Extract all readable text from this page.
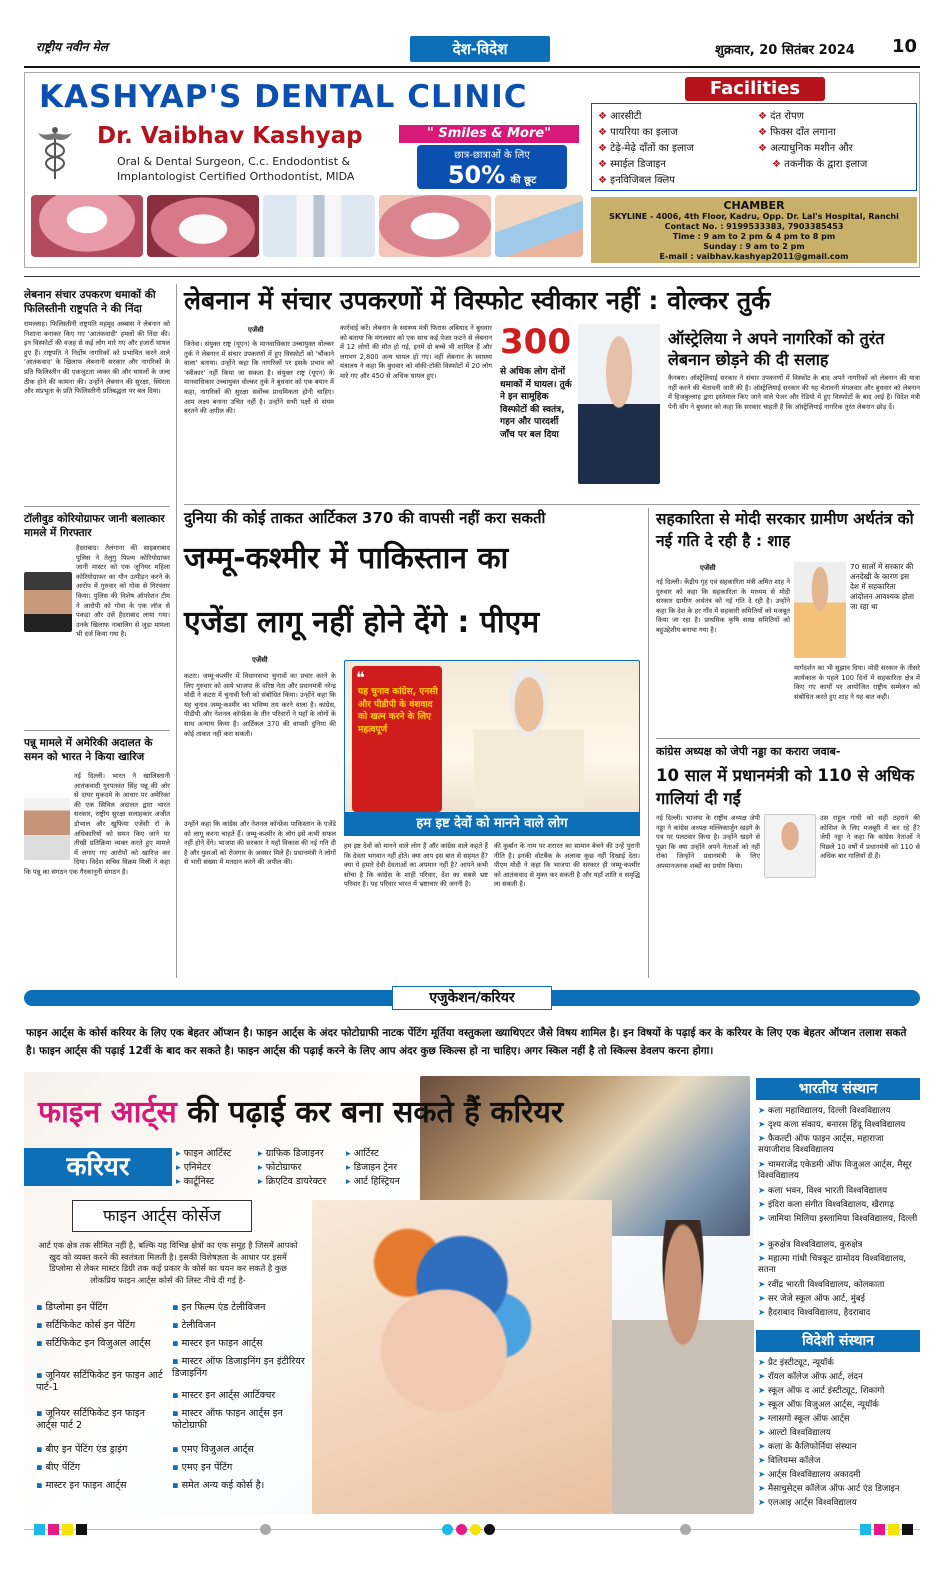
राष्ट्रीय नवीन मेल	देश-विदेश	शुक्रवार, 20 सितंबर 2024 10
KASHYAP'S DENTAL CLINIC
Dr. Vaibhav Kashyap	" Smiles & More"
Oral & Dental Surgeon, C.c. Endodontist &
Implantologist Certified Orthodontist, MIDA
छात्र-छात्राओं के लिए
50% की छूट
Facilities
❖ आरसीटी
❖ पायरिया का इलाज
❖ टेढ़े-मेढ़े दाँतों का इलाज
❖ स्माईल डिजाइन
❖ इनविजिबल क्लिप
❖ दंत रोपण
❖ फिक्स दाँत लगाना
❖ अत्याधुनिक मशीन और
❖ तकनीक के द्वारा इलाज
CHAMBER
SKYLINE - 4006, 4th Floor, Kadru, Opp. Dr. Lal's Hospital, Ranchi
Contact No. : 9199533383, 7903385453
Time : 9 am to 2 pm & 4 pm to 8 pm
Sunday : 9 am to 2 pm
E-mail : vaibhav.kashyap2011@gmail.com
लेबनान संचार उपकरण धमाकों की फिलिस्तीनी राष्ट्रपति ने की निंदा
रामल्लाह। फिलिस्तीनी राष्ट्रपति महमूद अब्बास ने लेबनान को निशाना बनाकर किए गए 'आतंकवादी' हमलों की निंदा की। इन विस्फोटों की वजह से कई लोग मारे गए और हजारों घायल हुए हैं। राष्ट्रपति ने निर्दोष नागरिकों को प्रभावित करने वाले 'आतंकवाद' के खिलाफ लेबनानी सरकार और नागरिकों के प्रति फिलिस्तीन की एकजुटता व्यक्त की और घायलों के जल्द ठीक होने की कामना की। उन्होंने लेबनान की सुरक्षा, स्थिरता और संप्रभुता के प्रति फिलिस्तीनी प्रतिबद्धता पर बल दिया।
टॉलीवुड कोरियोग्राफर जानी बलात्कार मामले में गिरफ्तार
हैदराबाद। तेलंगाना की साइबराबाद पुलिस ने तेलुगु फिल्म कोरियोग्राफर जानी मास्टर को एक जूनियर महिला कोरियोग्राफर का यौन उत्पीड़न करने के आरोप में गुरुवार को गोवा से गिरफ्तार किया। पुलिस की विशेष ऑपरेशन टीम ने आरोपी को गोवा के एक लॉज से पकड़ा और उसे हैदराबाद लाया गया। उनके खिलाफ नाबालिग से जुड़ा मामला भी दर्ज किया गया है।
पन्नू मामले में अमेरिकी अदालत के समन को भारत ने किया खारिज
नई दिल्ली। भारत ने खालिस्तानी आतंकवादी गुरपतवंत सिंह पन्नू की ओर से दायर मुकदमे के आधार पर अमेरिका की एक सिविल अदालत द्वारा भारत सरकार, राष्ट्रीय सुरक्षा सलाहकार अजीत डोभाल और खुफिया एजेंसी रॉ के अधिकारियों को समन किए जाने पर तीखी प्रतिक्रिया व्यक्त करते हुए मामले में लगाए गए आरोपों को खारिज कर दिया। विदेश सचिव विक्रम मिस्री ने कहा कि पन्नू का संगठन एक गैरकानूनी संगठन है।
लेबनान में संचार उपकरणों में विस्फोट स्वीकार नहीं : वोल्कर तुर्क
एजेंसी
जिनेवा। संयुक्त राष्ट्र (यूएन) के मानवाधिकार उच्चायुक्त वोल्कर तुर्क ने लेबनान में संचार उपकरणों में हुए विस्फोटों को 'चौंकाने वाला' बताया। उन्होंने कहा कि नागरिकों पर इसके प्रभाव को 'स्वीकार' नहीं किया जा सकता है। संयुक्त राष्ट्र (यूएन) के मानवाधिकार उच्चायुक्त वोल्कर तुर्क ने बुधवार को एक बयान में कहा, नागरिकों की सुरक्षा सर्वोच्च प्राथमिकता होनी चाहिए। आम लक्ष्य बनाना उचित नहीं है। उन्होंने सभी पक्षों से संयम बरतने की अपील की।
कार्रवाई करें। लेबनान के स्वास्थ्य मंत्री फिरास अबियाद ने बुधवार को बताया कि मंगलवार को एक साथ कई पेजर फटने से लेबनान में 12 लोगों की मौत हो गई, इनमें दो बच्चे भी शामिल हैं और लगभग 2,800 अन्य घायल हो गए। वहीं लेबनान के स्वास्थ्य मंत्रालय ने कहा कि बुधवार को वॉकी-टॉकी विस्फोटों में 20 लोग मारे गए और 450 से अधिक घायल हुए।
300
से अधिक लोग दोनों धमाकों में घायल। तुर्क ने इन सामूहिक विस्फोटों की स्वतंत्र, गहन और पारदर्शी जाँच पर बल दिया
ऑस्ट्रेलिया ने अपने नागरिकों को तुरंत लेबनान छोड़ने की दी सलाह
कैनबरा। ऑस्ट्रेलियाई सरकार ने संचार उपकरणों में विस्फोट के बाद अपने नागरिकों को लेबनान की यात्रा नहीं करने की चेतावनी जारी की है। ऑस्ट्रेलियाई सरकार की यह चेतावनी मंगलवार और बुधवार को लेबनान में हिजबुल्लाह द्वारा इस्तेमाल किए जाने वाले पेजर और रेडियो में हुए विस्फोटों के बाद आई है। विदेश मंत्री पेनी वोंग ने बुधवार को कहा कि सरकार चाहती है कि ऑस्ट्रेलियाई नागरिक तुरंत लेबनान छोड़ दें।
दुनिया की कोई ताकत आर्टिकल 370 की वापसी नहीं करा सकती
जम्मू-कश्मीर में पाकिस्तान का
एजेंडा लागू नहीं होने देंगे : पीएम
एजेंसी
कटरा। जम्मू-कश्मीर में विधानसभा चुनावों का प्रचार करने के लिए गुरुवार को आये भाजपा के वरिष्ठ नेता और प्रधानमंत्री नरेन्द्र मोदी ने कटरा में चुनावी रैली को संबोधित किया। उन्होंने कहा कि यह चुनाव जम्मू-कश्मीर का भविष्य तय करने वाला है। कांग्रेस, पीडीपी और नेशनल कॉन्फ्रेंस के तीन परिवारों ने यहाँ के लोगों के साथ अन्याय किया है। आर्टिकल 370 की वापसी दुनिया की कोई ताकत नहीं करा सकती।
उन्होंने कहा कि कांग्रेस और नेशनल कॉन्फ्रेंस पाकिस्तान के एजेंडे को लागू करना चाहते हैं। जम्मू-कश्मीर के लोग इसे कभी सफल नहीं होने देंगे। भाजपा की सरकार ने यहाँ विकास की नई गति दी है और युवाओं को रोजगार के अवसर मिले हैं। प्रधानमंत्री ने लोगों से भारी संख्या में मतदान करने की अपील की।
❝
यह चुनाव कांग्रेस, एनसी और पीडीपी के वंशवाद को खत्म करने के लिए महत्वपूर्ण
हम इष्ट देवों को मानने वाले लोग
हम इष्ट देवों को मानने वाले लोग हैं और कांग्रेस वाले कहते हैं कि देवता भगवान नहीं होते। क्या आप इस बात से सहमत हैं? क्या ये हमारे देवी देवताओं का अपमान नहीं है? आपने कभी सोचा है कि कांग्रेस के शाही परिवार, देश का सबसे भ्रष्ट परिवार है। यह परिवार भारत में भ्रष्टाचार की जननी है।
की कुर्बान के नाम पर शरारत का सामान बेचने की उन्हें पुरानी नीति है। इनकी वोटबैंक के अलावा कुछ नहीं दिखाई देता। पीएम मोदी ने कहा कि भाजपा की सरकार ही जम्मू-कश्मीर को आतंकवाद से मुक्त कर सकती है और यहाँ शांति व समृद्धि ला सकती है।
सहकारिता से मोदी सरकार ग्रामीण अर्थतंत्र को नई गति दे रही है : शाह
एजेंसी
नई दिल्ली। केंद्रीय गृह एवं सहकारिता मंत्री अमित शाह ने गुरुवार को कहा कि सहकारिता के माध्यम से मोदी सरकार ग्रामीण अर्थतंत्र को नई गति दे रही है। उन्होंने कहा कि देश के हर गाँव में सहकारी समितियों को मजबूत किया जा रहा है। प्राथमिक कृषि साख समितियों को बहुउद्देशीय बनाया गया है।
70 सालों में सरकार की अनदेखी के कारण इस देश में सहकारिता आंदोलन आवश्यक होता जा रहा था
मार्गदर्शन का भी सुझाव दिया। मोदी सरकार के तीसरे कार्यकाल के पहले 100 दिनों में सहकारिता क्षेत्र में किए गए कार्यों पर आयोजित राष्ट्रीय सम्मेलन को संबोधित करते हुए शाह ने यह बात कही।
कांग्रेस अध्यक्ष को जेपी नड्डा का करारा जवाब-
10 साल में प्रधानमंत्री को 110 से अधिक गालियां दी गईं
नई दिल्ली। भाजपा के राष्ट्रीय अध्यक्ष जेपी नड्डा ने कांग्रेस अध्यक्ष मल्लिकार्जुन खड़गे के पत्र पर पलटवार किया है। उन्होंने खड़गे से पूछा कि क्या उन्होंने अपने नेताओं को नहीं रोका जिन्होंने प्रधानमंत्री के लिए अपमानजनक शब्दों का प्रयोग किया।
उस राहुल गांधी को सही ठहराने की कोशिश के लिए मजबूरी में कर रहे हैं? जेपी नड्डा ने कहा कि कांग्रेस नेताओं ने पिछले 10 वर्षों में प्रधानमंत्री को 110 से अधिक बार गालियाँ दी हैं।
एजुकेशन/करियर
फाइन आर्ट्स के कोर्स करियर के लिए एक बेहतर ऑप्शन है। फाइन आर्ट्स के अंदर फोटोग्राफी नाटक पेंटिंग मूर्तिया वस्तुकला ख्याथिएटर जैसे विषय शामिल है। इन विषयों के पढ़ाई कर के करियर के लिए एक बेहतर ऑप्शन तलाश सकते है। फाइन आर्ट्स की पढ़ाई 12वीं के बाद कर सकते है। फाइन आर्ट्स की पढ़ाई करने के लिए आप अंदर कुछ स्किल्स हो ना चाहिए। अगर स्किल नहीं है तो स्किल्स डेवलप करना होगा।
फाइन आर्ट्स की पढ़ाई कर बना सकते हैं करियर
करियर
▸	फाइन आर्टिस्ट
▸ एनिमेटर
▸ कार्टूनिस्ट
▸ ग्राफिक डिजाइनर
▸ फोटोग्राफर
▸ क्रिएटिव डायरेक्टर
▸ आर्टिस्ट
▸ डिजाइन ट्रेनर
▸ आर्ट हिस्ट्रियन
फाइन आर्ट्स कोर्सेज
आर्ट एक क्षेत्र तक सीमित नहीं है, बल्कि यह विभिन्न क्षेत्रों का एक समूह है जिसमें आपको खुद को व्यक्त करने की स्वतंत्रता मिलती है। इसकी विशेषज्ञता के आधार पर इसमें डिप्लोमा से लेकर मास्टर डिग्री तक कई प्रकार के कोर्स का चयन कर सकते है कुछ लोकप्रिय फाइन आर्ट्स कोर्स की लिस्ट नीचे दी गई है-
▪ डिप्लोमा इन पेंटिंग
▪ सर्टिफिकेट कोर्स इन पेंटिंग
▪ सर्टिफिकेट इन विजुअल आर्ट्स
▪ जूनियर सर्टिफिकेट इन फाइन आर्ट पार्ट-1
▪ जूनियर सर्टिफिकेट इन फाइन आर्ट्स पार्ट 2
▪ बीए इन पेंटिंग एंड ड्राइंग
▪ बीए पेंटिंग
▪ मास्टर इन फाइन आर्ट्स
▪ इन फिल्म एंड टेलीविजन
▪ टेलीविजन
▪ मास्टर इन फाइन आर्ट्स
▪ मास्टर ऑफ डिजाइनिंग इन इंटीरियर डिजाइनिंग
▪ मास्टर इन आर्ट्स आर्टिक्चर
▪ मास्टर ऑफ फाइन आर्ट्स इन फोटोग्राफी
▪ एमए विजुअल आर्ट्स
▪ एमए इन पेंटिंग
▪ समेत अन्य कई कोर्स है।
भारतीय संस्थान
➤ कला महाविद्यालय, दिल्ली विश्वविद्यालय
➤ दृश्य कला संकाय, बनारस हिंदू विश्वविद्यालय
➤ फैकल्टी ऑफ फाइन आर्ट्स, महाराजा सयाजीराव विश्वविद्यालय
➤ चामराजेंद्र एकेडमी ऑफ विजुअल आर्ट्स, मैसूर विश्वविद्यालय
➤ कला भवन, विश्व भारती विश्वविद्यालय
➤ इंदिरा कला संगीत विश्वविद्यालय, खैरागढ़
➤ जामिया मिलिया इस्लामिया विश्वविद्यालय, दिल्ली
➤ कुरुक्षेत्र विश्वविद्यालय, कुरुक्षेत्र
➤ महात्मा गांधी चित्रकूट ग्रामोदय विश्वविद्यालय, सतना
➤ रवींद्र भारती विश्वविद्यालय, कोलकाता
➤ सर जेजे स्कूल ऑफ आर्ट, मुंबई
➤ हैदराबाद विश्वविद्यालय, हैदराबाद
विदेशी संस्थान
➤ प्रैट इंस्टीट्यूट, न्यूयॉर्क
➤ रॉयल कॉलेज ऑफ आर्ट, लंदन
➤ स्कूल ऑफ द आर्ट इंस्टीट्यूट, शिकागो
➤ स्कूल ऑफ विजुअल आर्ट्स, न्यूयॉर्क
➤ ग्लासगो स्कूल ऑफ आर्ट्स
➤ आल्टो विश्वविद्यालय
➤ कला के कैलिफोर्निया संस्थान
➤ विलियम्स कॉलेज
➤ आर्ट्स विश्वविद्यालय अकादमी
➤ मैसाचुसेट्स कॉलेज ऑफ आर्ट एंड डिजाइन
➤ एलआइ आर्ट्स विश्वविद्यालय
